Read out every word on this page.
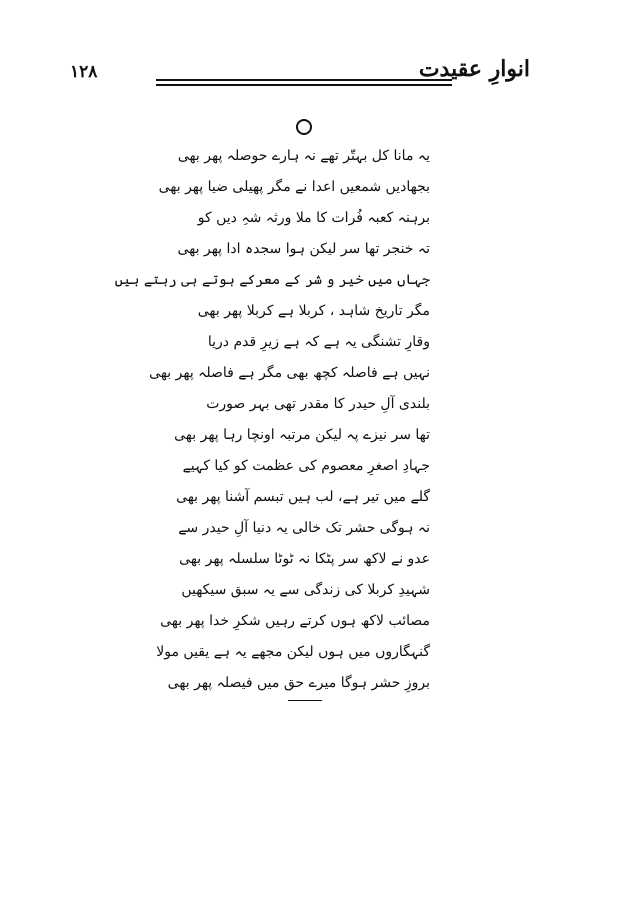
۱۲۸	انوارِ عقیدت
یہ مانا کل بہتّر تھے نہ ہارے حوصلہ پھر بھی
بجھادیں شمعیں اعدا نے مگر پھیلی ضیا پھر بھی
برہنہ کعبہ فُرات کا ملا ورثہ شہِ دیں کو
تہ خنجر تھا سر لیکن ہوا سجدہ ادا پھر بھی
جہاں میں خیر و شر کے معرکے ہوتے ہی رہتے ہیں
مگر تاریخ شاہد ، کربلا ہے کربلا پھر بھی
وقارِ تشنگی یہ ہے کہ ہے زیرِ قدم دریا
نہیں ہے فاصلہ کچھ بھی مگر ہے فاصلہ پھر بھی
بلندی آلِ حیدر کا مقدر تھی بہر صورت
تھا سر نیزے پہ لیکن مرتبہ اونچا رہا پھر بھی
جہادِ اصغرِ معصوم کی عظمت کو کیا کہیے
گلے میں تیر ہے، لب ہیں تبسم آشنا پھر بھی
نہ ہوگی حشر تک خالی یہ دنیا آلِ حیدر سے
عدو نے لاکھ سر پٹکا نہ ٹوٹا سلسلہ پھر بھی
شہیدِ کربلا کی زندگی سے یہ سبق سیکھیں
مصائب لاکھ ہوں کرتے رہیں شکرِ خدا پھر بھی
گنہگاروں میں ہوں لیکن مجھے یہ ہے یقیں مولا
بروزِ حشر ہوگا میرے حق میں فیصلہ پھر بھی
